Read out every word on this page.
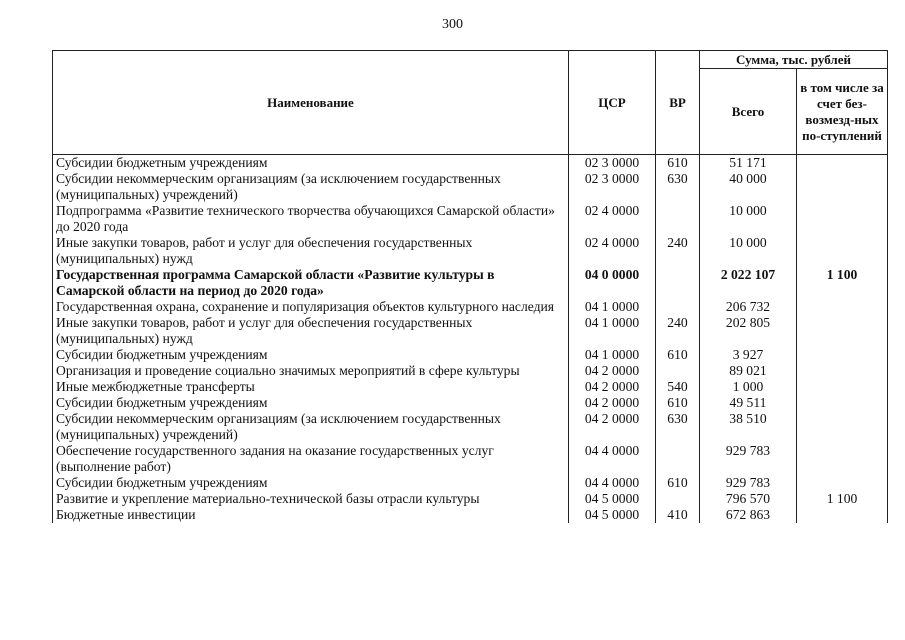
300
Наименование	ЦСР	ВР	Сумма, тыс. рублей	
			Всего	в том числе за счет без-возмезд-ных по-ступлений
Субсидии бюджетным учреждениям	02 3 0000	610	51 171	
Субсидии некоммерческим организациям (за исключением государственных (муниципальных) учреждений)	02 3 0000	630	40 000	
Подпрограмма «Развитие технического творчества обучающихся Самарской области» до 2020 года	02 4 0000		10 000	
Иные закупки товаров, работ и услуг для обеспечения государственных (муниципальных) нужд	02 4 0000	240	10 000	
Государственная программа Самарской области «Развитие культуры в Самарской области на период до 2020 года»	04 0 0000		2 022 107	1 100
Государственная охрана, сохранение и популяризация объектов культурного наследия	04 1 0000		206 732	
Иные закупки товаров, работ и услуг для обеспечения государственных (муниципальных) нужд	04 1 0000	240	202 805	
Субсидии бюджетным учреждениям	04 1 0000	610	3 927	
Организация и проведение социально значимых мероприятий в сфере культуры	04 2 0000		89 021	
Иные межбюджетные трансферты	04 2 0000	540	1 000	
Субсидии бюджетным учреждениям	04 2 0000	610	49 511	
Субсидии некоммерческим организациям (за исключением государственных (муниципальных) учреждений)	04 2 0000	630	38 510	
Обеспечение государственного задания на оказание государственных услуг (выполнение работ)	04 4 0000		929 783	
Субсидии бюджетным учреждениям	04 4 0000	610	929 783	
Развитие и укрепление материально-технической базы отрасли культуры	04 5 0000		796 570	1 100
Бюджетные инвестиции	04 5 0000	410	672 863	
